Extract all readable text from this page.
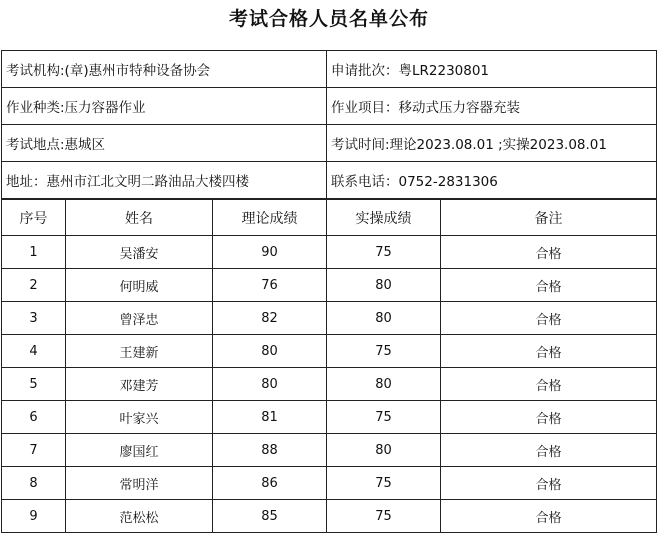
考试合格人员名单公布
考试机构:(章)惠州市特种设备协会	申请批次：粤LR2230801
作业种类:压力容器作业	作业项目：移动式压力容器充装
考试地点:惠城区	考试时间:理论2023.08.01 ;实操2023.08.01
地址：惠州市江北文明二路油品大楼四楼	联系电话：0752-2831306
序号	姓名	理论成绩	实操成绩	备注
1	吴潘安	90	75	合格
2	何明威	76	80	合格
3	曾泽忠	82	80	合格
4	王建新	80	75	合格
5	邓建芳	80	80	合格
6	叶家兴	81	75	合格
7	廖国红	88	80	合格
8	常明洋	86	75	合格
9	范松松	85	75	合格
